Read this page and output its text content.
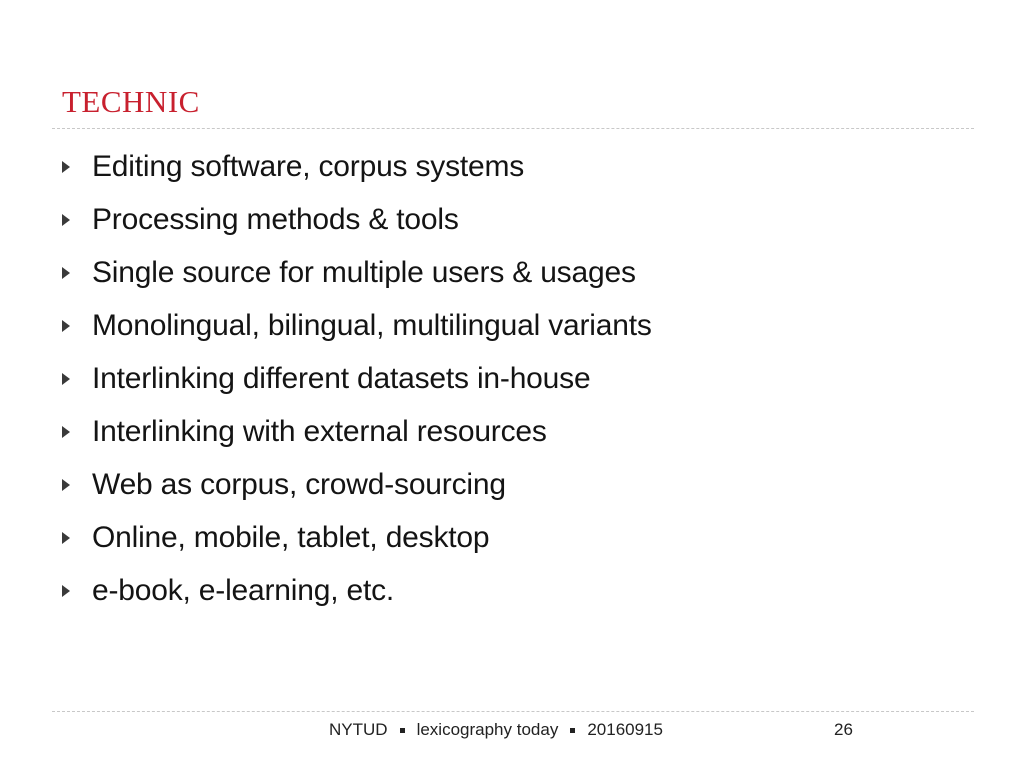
TECHNIC
Editing software, corpus systems
Processing methods & tools
Single source for multiple users & usages
Monolingual, bilingual, multilingual variants
Interlinking different datasets in-house
Interlinking with external resources
Web as corpus, crowd-sourcing
Online, mobile, tablet, desktop
e-book, e-learning, etc.
NYTUD lexicography today 20160915	26
